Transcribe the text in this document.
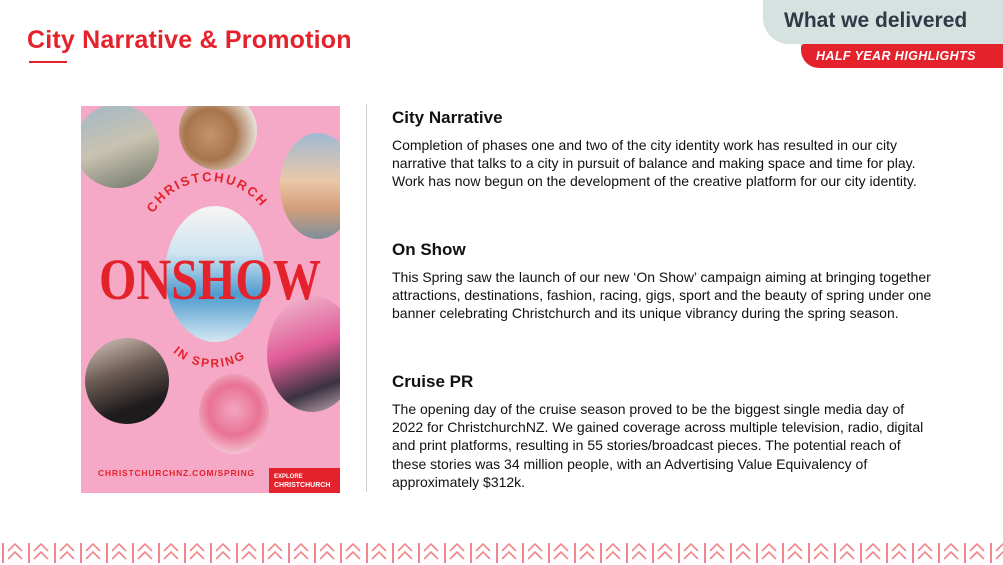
City Narrative & Promotion
What we delivered
HALF YEAR HIGHLIGHTS
CHRISTCHURCH
ONSHOW
IN SPRING
CHRISTCHURCHNZ.COM/SPRING	EXPLORE
CHRISTCHURCH
City Narrative

Completion of phases one and two of the city identity work has resulted in our city narrative that talks to a city in pursuit of balance and making space and time for play. Work has now begun on the development of the creative platform for our city identity.

On Show

This Spring saw the launch of our new ‘On Show’ campaign aiming at bringing together attractions, destinations, fashion, racing, gigs, sport and the beauty of spring under one banner celebrating Christchurch and its unique vibrancy during the spring season.

Cruise PR

The opening day of the cruise season proved to be the biggest single media day of 2022 for ChristchurchNZ. We gained coverage across multiple television, radio, digital and print platforms, resulting in 55 stories/broadcast pieces. The potential reach of these stories was 34 million people, with an Advertising Value Equivalency of approximately $312k.
